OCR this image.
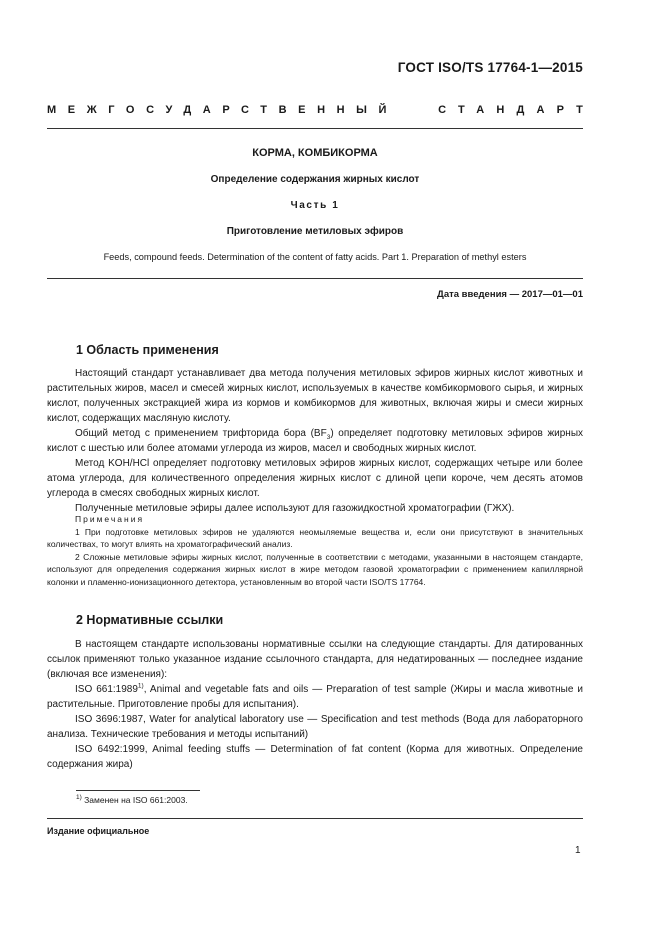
ГОСТ ISO/TS 17764-1—2015
МЕЖГОСУДАРСТВЕННЫЙ	СТАНДАРТ
КОРМА, КОМБИКОРМА
Определение содержания жирных кислот
Часть 1
Приготовление метиловых эфиров
Feeds, compound feeds. Determination of the content of fatty acids. Part 1. Preparation of methyl esters
Дата введения — 2017—01—01
1 Область применения

Настоящий стандарт устанавливает два метода получения метиловых эфиров жирных кислот животных и растительных жиров, масел и смесей жирных кислот, используемых в качестве комбикормового сырья, и жирных кислот, полученных экстракцией жира из кормов и комбикормов для животных, включая жиры и смеси жирных кислот, содержащих масляную кислоту.

Общий метод с применением трифторида бора $(BF_3)$ определяет подготовку метиловых эфиров жирных кислот с шестью или более атомами углерода из жиров, масел и свободных жирных кислот.

Метод KOH/HCl определяет подготовку метиловых эфиров жирных кислот, содержащих четыре или более атома углерода, для количественного определения жирных кислот с длиной цепи короче, чем десять атомов углерода в смесях свободных жирных кислот.

Полученные метиловые эфиры далее используют для газожидкостной хроматографии (ГЖХ).

Примечания

1 При подготовке метиловых эфиров не удаляются неомыляемые вещества и, если они присутствуют в значительных количествах, то могут влиять на хроматографический анализ.

2 Сложные метиловые эфиры жирных кислот, полученные в соответствии с методами, указанными в настоящем стандарте, используют для определения содержания жирных кислот в жире методом газовой хроматографии с применением капиллярной колонки и пламенно-ионизационного детектора, установленным во второй части ISO/TS 17764.

2 Нормативные ссылки

В настоящем стандарте использованы нормативные ссылки на следующие стандарты. Для датированных ссылок применяют только указанное издание ссылочного стандарта, для недатированных — последнее издание (включая все изменения):

ISO 661:1989$^{1)}$, Animal and vegetable fats and oils — Preparation of test sample (Жиры и масла животные и растительные. Приготовление пробы для испытания).

ISO 3696:1987, Water for analytical laboratory use — Specification and test methods (Вода для лабораторного анализа. Технические требования и методы испытаний)

ISO 6492:1999, Animal feeding stuffs — Determination of fat content (Корма для животных. Определение содержания жира)

$^{1)}$ Заменен на ISO 661:2003.
Издание официальное
1
